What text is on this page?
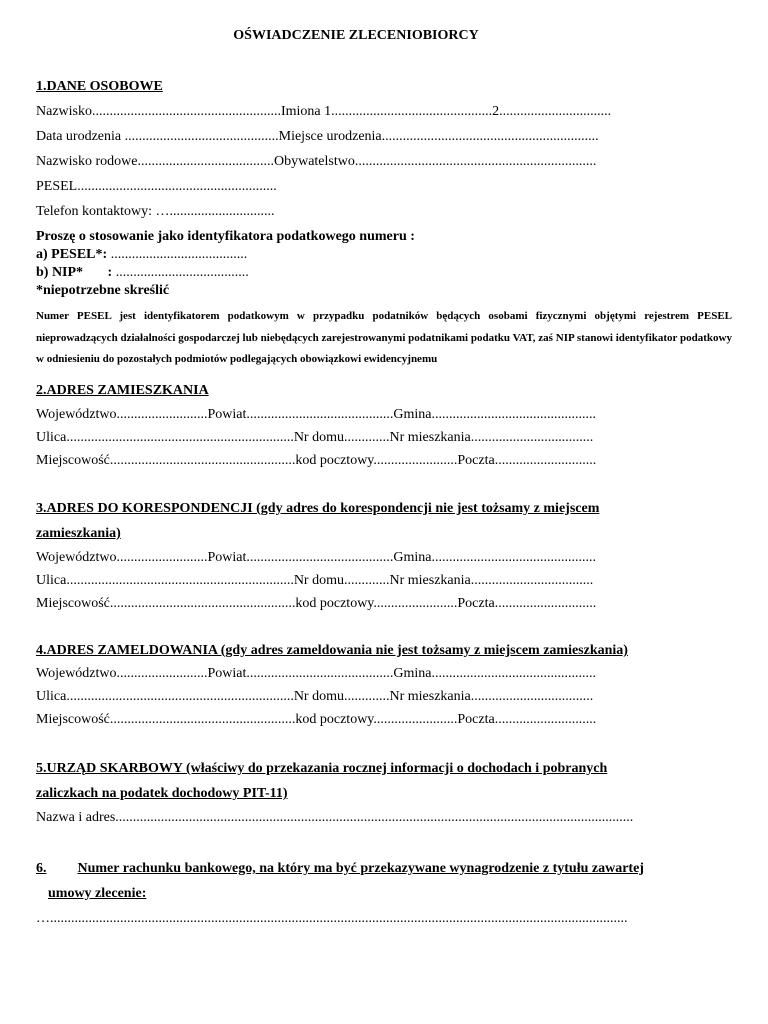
OŚWIADCZENIE ZLECENIOBIORCY

1.DANE OSOBOWE

Nazwisko......................................................Imiona 1..............................................2................................

Data urodzenia ............................................Miejsce urodzenia..............................................................

Nazwisko rodowe.......................................Obywatelstwo.....................................................................

PESEL.........................................................

Telefon kontaktowy: …..............................

Proszę o stosowanie jako identyfikatora podatkowego numeru :

a) PESEL*: .......................................

b) NIP*       : ......................................

*niepotrzebne skreślić

Numer PESEL jest identyfikatorem podatkowym w przypadku podatników będących osobami fizycznymi objętymi rejestrem PESEL nieprowadzących działalności gospodarczej lub niebędących zarejestrowanymi podatnikami podatku VAT, zaś NIP stanowi identyfikator podatkowy w odniesieniu do pozostałych podmiotów podlegających obowiązkowi ewidencyjnemu

2.ADRES ZAMIESZKANIA

Województwo..........................Powiat..........................................Gmina...............................................

Ulica.................................................................Nr domu.............Nr mieszkania...................................

Miejscowość.....................................................kod pocztowy........................Poczta.............................

3.ADRES DO KORESPONDENCJI (gdy adres do korespondencji nie jest tożsamy z miejscem

zamieszkania)

Województwo..........................Powiat..........................................Gmina...............................................

Ulica.................................................................Nr domu.............Nr mieszkania...................................

Miejscowość.....................................................kod pocztowy........................Poczta.............................

4.ADRES ZAMELDOWANIA (gdy adres zameldowania nie jest tożsamy z miejscem zamieszkania)

Województwo..........................Powiat..........................................Gmina...............................................

Ulica.................................................................Nr domu.............Nr mieszkania...................................

Miejscowość.....................................................kod pocztowy........................Poczta.............................

5.URZĄD SKARBOWY (właściwy do przekazania rocznej informacji o dochodach i pobranych

zaliczkach na podatek dochodowy PIT-11)

Nazwa i adres....................................................................................................................................................

6. Numer rachunku bankowego, na który ma być przekazywane wynagrodzenie z tytułu zawartej

umowy zlecenie:

….....................................................................................................................................................................
